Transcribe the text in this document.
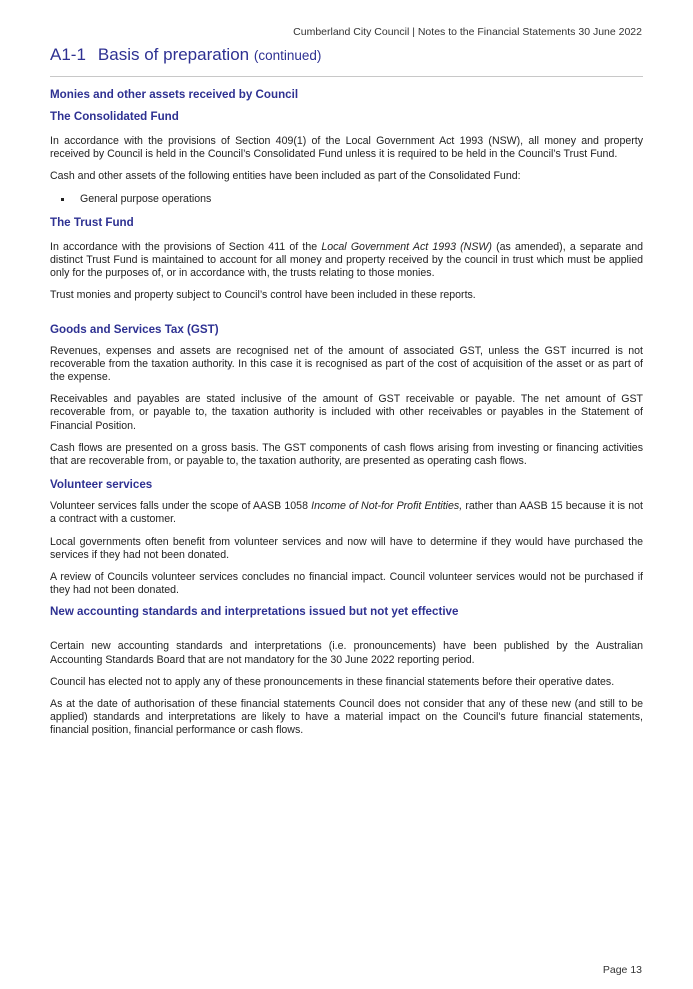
Cumberland City Council | Notes to the Financial Statements 30 June 2022
A1-1 Basis of preparation (continued)
Monies and other assets received by Council
The Consolidated Fund

In accordance with the provisions of Section 409(1) of the Local Government Act 1993 (NSW), all money and property received by Council is held in the Council’s Consolidated Fund unless it is required to be held in the Council’s Trust Fund.

Cash and other assets of the following entities have been included as part of the Consolidated Fund:

General purpose operations
The Trust Fund

In accordance with the provisions of Section 411 of the Local Government Act 1993 (NSW) (as amended), a separate and distinct Trust Fund is maintained to account for all money and property received by the council in trust which must be applied only for the purposes of, or in accordance with, the trusts relating to those monies.

Trust monies and property subject to Council’s control have been included in these reports.

Goods and Services Tax (GST)

Revenues, expenses and assets are recognised net of the amount of associated GST, unless the GST incurred is not recoverable from the taxation authority. In this case it is recognised as part of the cost of acquisition of the asset or as part of the expense.

Receivables and payables are stated inclusive of the amount of GST receivable or payable. The net amount of GST recoverable from, or payable to, the taxation authority is included with other receivables or payables in the Statement of Financial Position.

Cash flows are presented on a gross basis. The GST components of cash flows arising from investing or financing activities that are recoverable from, or payable to, the taxation authority, are presented as operating cash flows.

Volunteer services

Volunteer services falls under the scope of AASB 1058 Income of Not-for Profit Entities, rather than AASB 15 because it is not a contract with a customer.

Local governments often benefit from volunteer services and now will have to determine if they would have purchased the services if they had not been donated.

A review of Councils volunteer services concludes no financial impact. Council volunteer services would not be purchased if they had not been donated.

New accounting standards and interpretations issued but not yet effective

Certain new accounting standards and interpretations (i.e. pronouncements) have been published by the Australian Accounting Standards Board that are not mandatory for the 30 June 2022 reporting period.

Council has elected not to apply any of these pronouncements in these financial statements before their operative dates.

As at the date of authorisation of these financial statements Council does not consider that any of these new (and still to be applied) standards and interpretations are likely to have a material impact on the Council's future financial statements, financial position, financial performance or cash flows.

Page 13
